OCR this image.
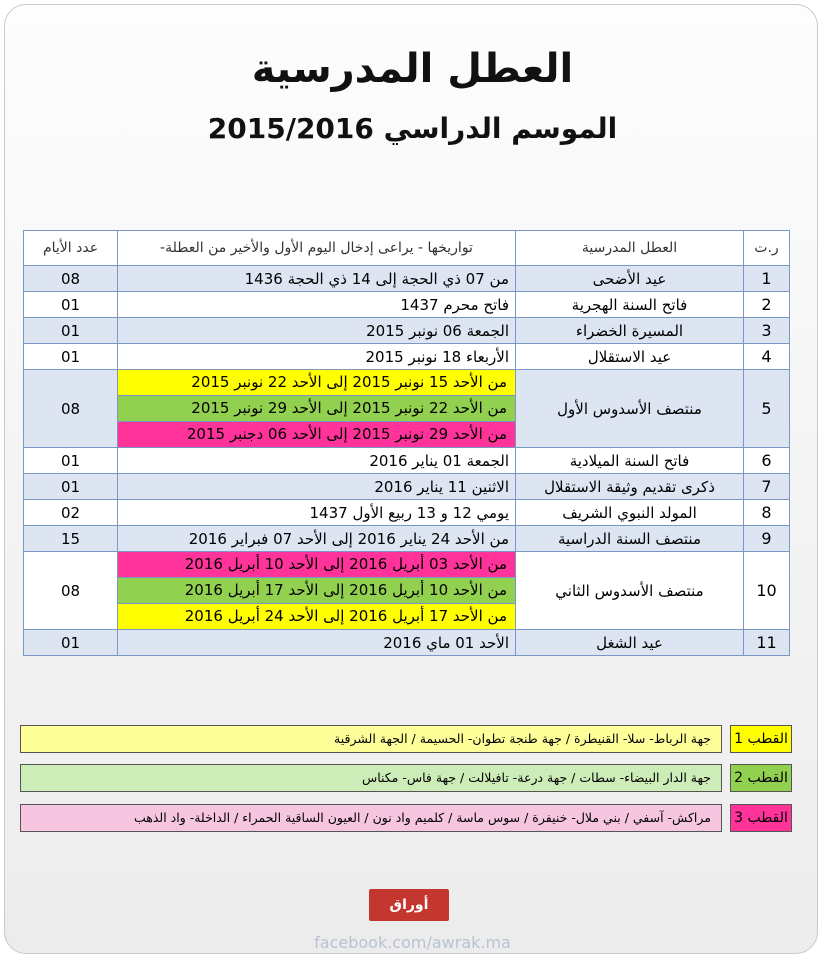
العطل المدرسية
الموسم الدراسي 2015/2016
ر.ت	العطل المدرسية	تواريخها - يراعى إدخال اليوم الأول والأخير من العطلة-	عدد الأيام
1	عيد الأضحى	من 07 ذي الحجة إلى 14 ذي الحجة 1436	08
2	فاتح السنة الهجرية	فاتح محرم 1437	01
3	المسيرة الخضراء	الجمعة 06 نونبر 2015	01
4	عيد الاستقلال	الأربعاء 18 نونبر 2015	01
5	منتصف الأسدوس الأول	من الأحد 15 نونبر 2015 إلى الأحد 22 نونبر 2015
من الأحد 22 نونبر 2015 إلى الأحد 29 نونبر 2015
من الأحد 29 نونبر 2015 إلى الأحد 06 دجنبر 2015	08
6	فاتح السنة الميلادية	الجمعة 01 يناير 2016	01
7	ذكرى تقديم وثيقة الاستقلال	الاثنين 11 يناير 2016	01
8	المولد النبوي الشريف	يومي 12 و 13 ربيع الأول 1437	02
9	منتصف السنة الدراسية	من الأحد 24 يناير 2016 إلى الأحد 07 فبراير 2016	15
10	منتصف الأسدوس الثاني	من الأحد 03 أبريل 2016 إلى الأحد 10 أبريل 2016
من الأحد 10 أبريل 2016 إلى الأحد 17 أبريل 2016
من الأحد 17 أبريل 2016 إلى الأحد 24 أبريل 2016	08
11	عيد الشغل	الأحد 01 ماي 2016	01
القطب 1
جهة الرباط- سلا- القنيطرة / جهة طنجة تطوان- الحسيمة / الجهة الشرقية
القطب 2
جهة الدار البيضاء- سطات / جهة درعة- تافيلالت / جهة فاس- مكناس
القطب 3
مراكش- آسفي / بني ملال- خنيفرة / سوس ماسة / كلميم واد نون / العيون الساقية الحمراء / الداخلة- واد الذهب
أوراق
facebook.com/awrak.ma
